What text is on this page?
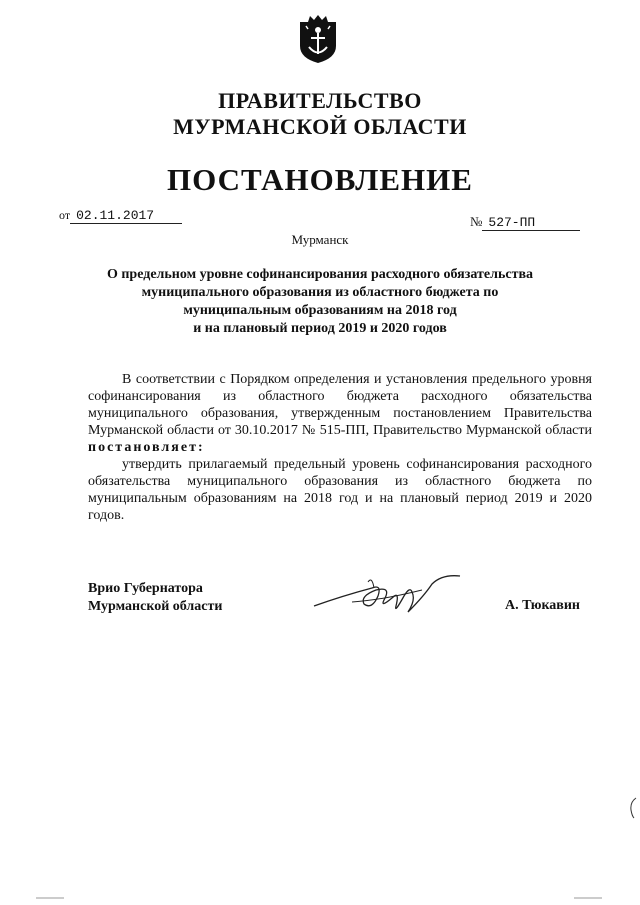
ПРАВИТЕЛЬСТВО
МУРМАНСКОЙ ОБЛАСТИ
ПОСТАНОВЛЕНИЕ
от 02.11.2017	№ 527-ПП
Мурманск
О предельном уровне софинансирования расходного обязательства
муниципального образования из областного бюджета по
муниципальным образованиям на 2018 год
и на плановый период 2019 и 2020 годов

В соответствии с Порядком определения и установления предельного уровня софинансирования из областного бюджета расходного обязательства муниципального образования, утвержденным постановлением Правительства Мурманской области от 30.10.2017 № 515-ПП, Правительство Мурманской области постановляет:

утвердить прилагаемый предельный уровень софинансирования расходного обязательства муниципального образования из областного бюджета по муниципальным образованиям на 2018 год и на плановый период 2019 и 2020 годов.

Врио Губернатора
Мурманской области	А. Тюкавин
